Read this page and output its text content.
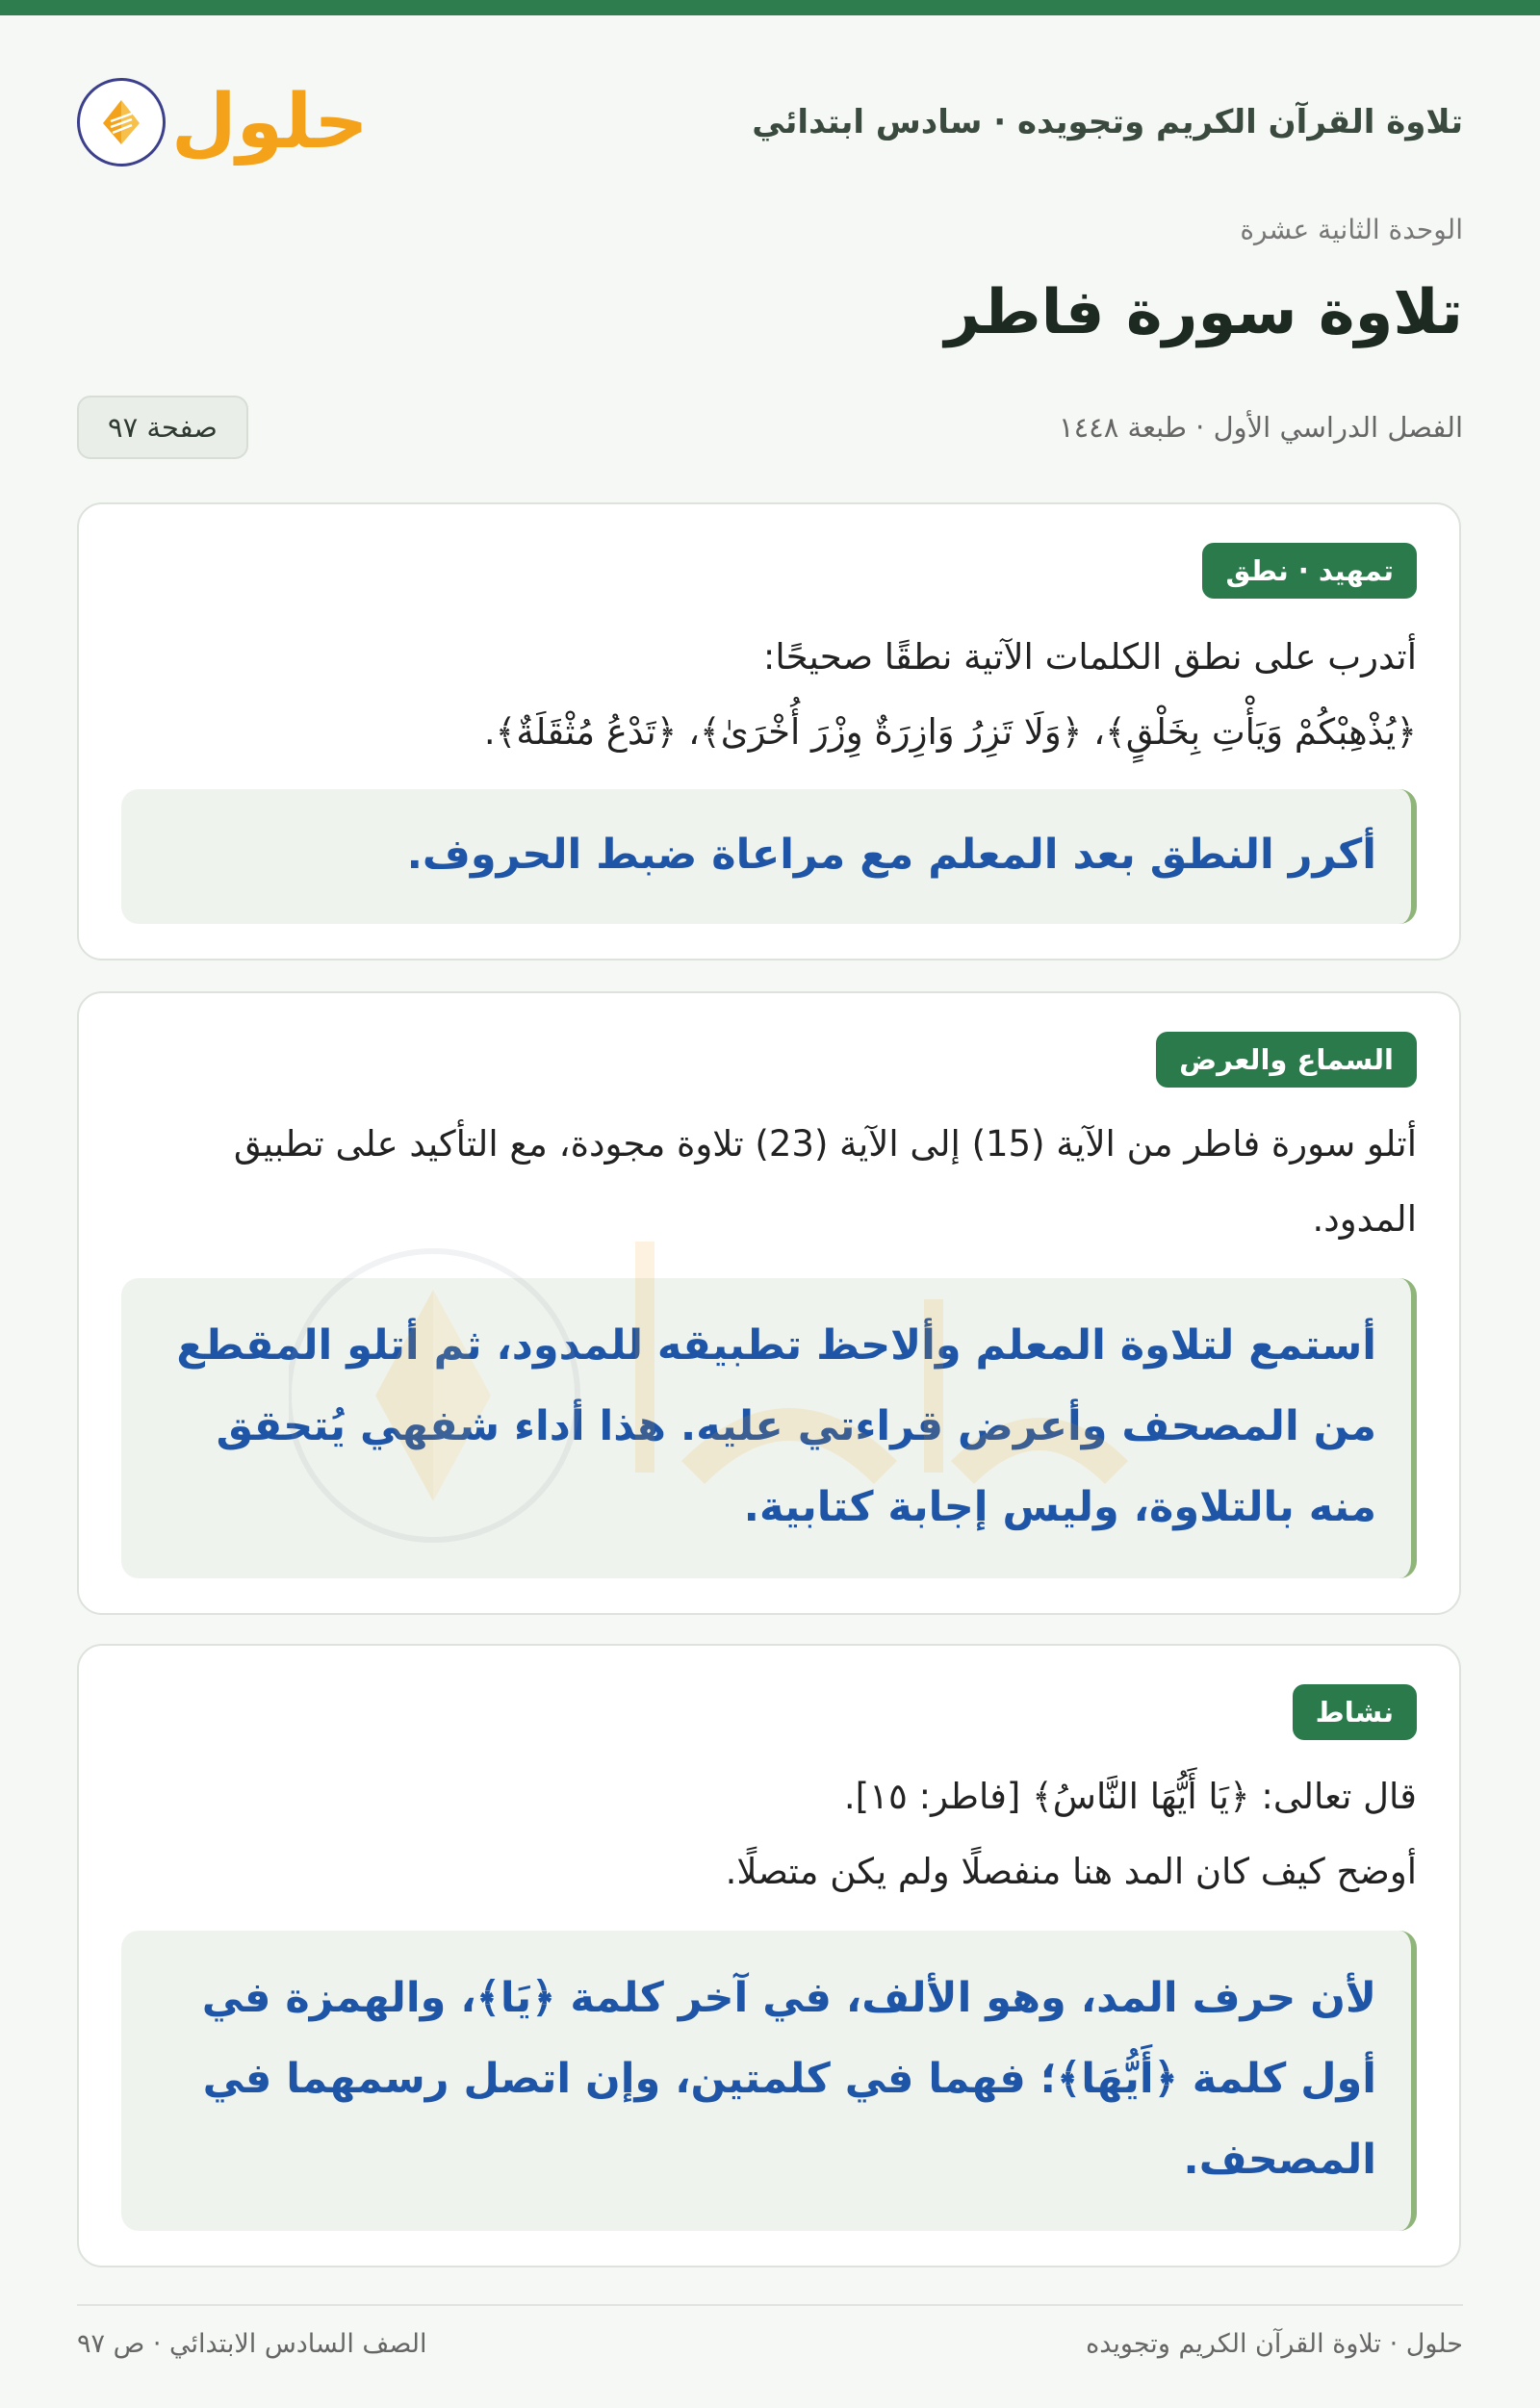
تلاوة القرآن الكريم وتجويده · سادس ابتدائي
حلول
الوحدة الثانية عشرة
تلاوة سورة فاطر
الفصل الدراسي الأول · طبعة ١٤٤٨
صفحة ٩٧
تمهيد · نطق
أتدرب على نطق الكلمات الآتية نطقًا صحيحًا:
﴿يُذْهِبْكُمْ وَيَأْتِ بِخَلْقٍ﴾، ﴿وَلَا تَزِرُ وَازِرَةٌ وِزْرَ أُخْرَىٰ﴾، ﴿تَدْعُ مُثْقَلَةٌ﴾.
أكرر النطق بعد المعلم مع مراعاة ضبط الحروف.
السماع والعرض
أتلو سورة فاطر من الآية (15) إلى الآية (23) تلاوة مجودة، مع التأكيد على تطبيق المدود.
أستمع لتلاوة المعلم وألاحظ تطبيقه للمدود، ثم أتلو المقطع من المصحف وأعرض قراءتي عليه. هذا أداء شفهي يُتحقق منه بالتلاوة، وليس إجابة كتابية.
نشاط
قال تعالى: ﴿يَا أَيُّهَا النَّاسُ﴾ [فاطر: ١٥].
أوضح كيف كان المد هنا منفصلًا ولم يكن متصلًا.
لأن حرف المد، وهو الألف، في آخر كلمة ﴿يَا﴾، والهمزة في أول كلمة ﴿أَيُّهَا﴾؛ فهما في كلمتين، وإن اتصل رسمهما في المصحف.
حلول · تلاوة القرآن الكريم وتجويده
الصف السادس الابتدائي · ص ٩٧
